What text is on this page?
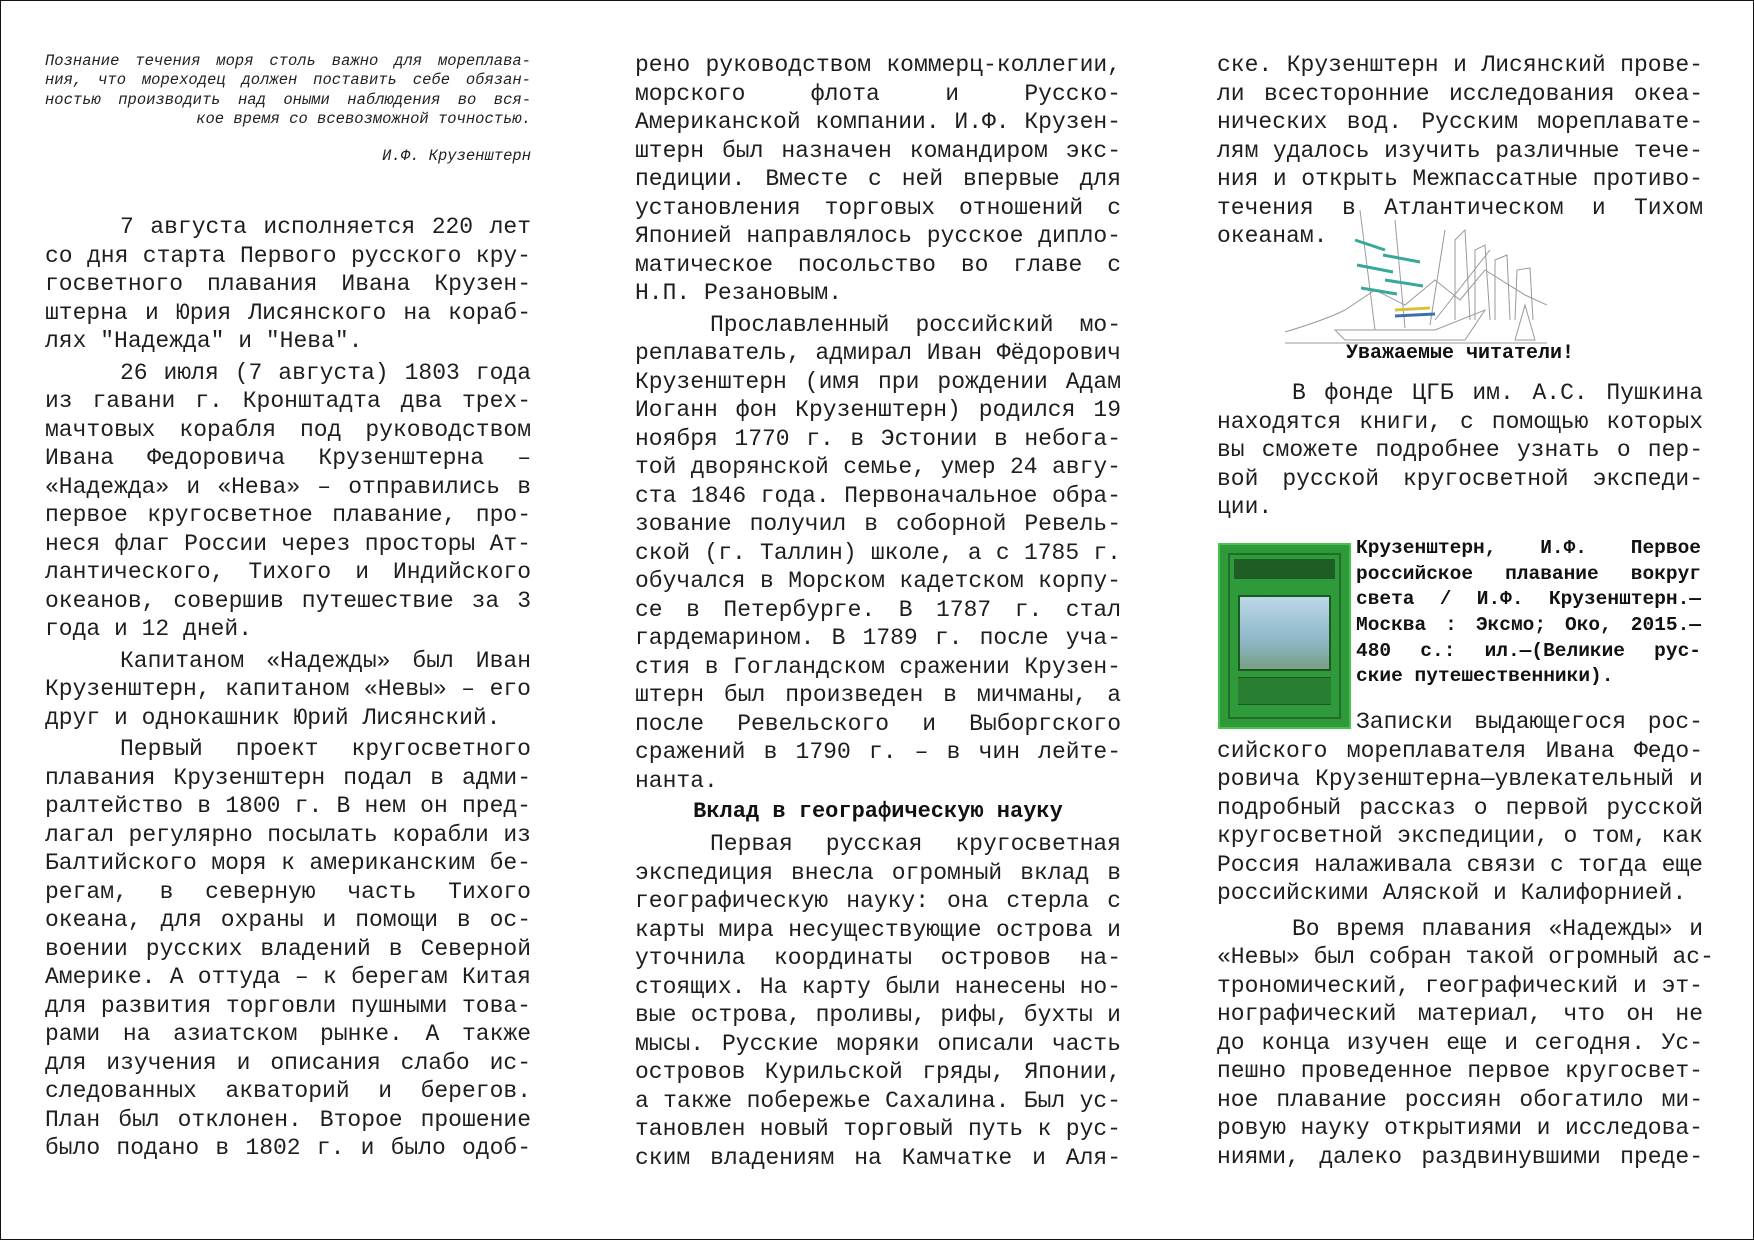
Познание течения моря столь важно для мореплава-
ния, что мореходец должен поставить себе обязан-
ностью производить над оными наблюдения во вся-
кое время со всевозможной точностью.
И.Ф. Крузенштерн
7 августа исполняется 220 лет
со дня старта Первого русского кру-
госветного плавания Ивана Крузен-
штерна и Юрия Лисянского на кораб-
лях "Надежда" и "Нева".
26 июля (7 августа) 1803 года
из гавани г. Кронштадта два трех-
мачтовых корабля под руководством
Ивана Федоровича Крузенштерна –
«Надежда» и «Нева» – отправились в
первое кругосветное плавание, про-
неся флаг России через просторы Ат-
лантического, Тихого и Индийского
океанов, совершив путешествие за 3
года и 12 дней.
Капитаном «Надежды» был Иван
Крузенштерн, капитаном «Невы» – его
друг и однокашник Юрий Лисянский.
Первый проект кругосветного
плавания Крузенштерн подал в адми-
ралтейство в 1800 г. В нем он пред-
лагал регулярно посылать корабли из
Балтийского моря к американским бе-
регам, в северную часть Тихого
океана, для охраны и помощи в ос-
воении русских владений в Северной
Америке. А оттуда – к берегам Китая
для развития торговли пушными това-
рами на азиатском рынке. А также
для изучения и описания слабо ис-
следованных акваторий и берегов.
План был отклонен. Второе прошение
было подано в 1802 г. и было одоб-
рено руководством коммерц-коллегии,
морского флота и Русско-
Американской компании. И.Ф. Крузен-
штерн был назначен командиром экс-
педиции. Вместе с ней впервые для
установления торговых отношений с
Японией направлялось русское дипло-
матическое посольство во главе с
Н.П. Резановым.
Прославленный российский мо-
реплаватель, адмирал Иван Фёдорович
Крузенштерн (имя при рождении Адам
Иоганн фон Крузенштерн) родился 19
ноября 1770 г. в Эстонии в небога-
той дворянской семье, умер 24 авгу-
ста 1846 года. Первоначальное обра-
зование получил в соборной Ревель-
ской (г. Таллин) школе, а с 1785 г.
обучался в Морском кадетском корпу-
се в Петербурге. В 1787 г. стал
гардемарином. В 1789 г. после уча-
стия в Гогландском сражении Крузен-
штерн был произведен в мичманы, а
после Ревельского и Выборгского
сражений в 1790 г. – в чин лейте-
нанта.
Вклад в географическую науку
Первая русская кругосветная
экспедиция внесла огромный вклад в
географическую науку: она стерла с
карты мира несуществующие острова и
уточнила координаты островов на-
стоящих. На карту были нанесены но-
вые острова, проливы, рифы, бухты и
мысы. Русские моряки описали часть
островов Курильской гряды, Японии,
а также побережье Сахалина. Был ус-
тановлен новый торговый путь к рус-
ским владениям на Камчатке и Аля-
ске. Крузенштерн и Лисянский прове-
ли всесторонние исследования океа-
нических вод. Русским мореплавате-
лям удалось изучить различные тече-
ния и открыть Межпассатные противо-
течения в Атлантическом и Тихом
океанам.
Уважаемые читатели!
В фонде ЦГБ им. А.С. Пушкина
находятся книги, с помощью которых
вы сможете подробнее узнать о пер-
вой русской кругосветной экспеди-
ции.
Крузенштерн, И.Ф. Первое
российское плавание вокруг
света / И.Ф. Крузенштерн.—
Москва : Эксмо; Око, 2015.—
480 с.: ил.—(Великие рус-
ские путешественники).
Записки выдающегося рос-
сийского мореплавателя Ивана Федо-
ровича Крузенштерна—увлекательный и
подробный рассказ о первой русской
кругосветной экспедиции, о том, как
Россия налаживала связи с тогда еще
российскими Аляской и Калифорнией.
Во время плавания «Надежды» и
«Невы» был собран такой огромный ас-
трономический, географический и эт-
нографический материал, что он не
до конца изучен еще и сегодня. Ус-
пешно проведенное первое кругосвет-
ное плавание россиян обогатило ми-
ровую науку открытиями и исследова-
ниями, далеко раздвинувшими преде-
